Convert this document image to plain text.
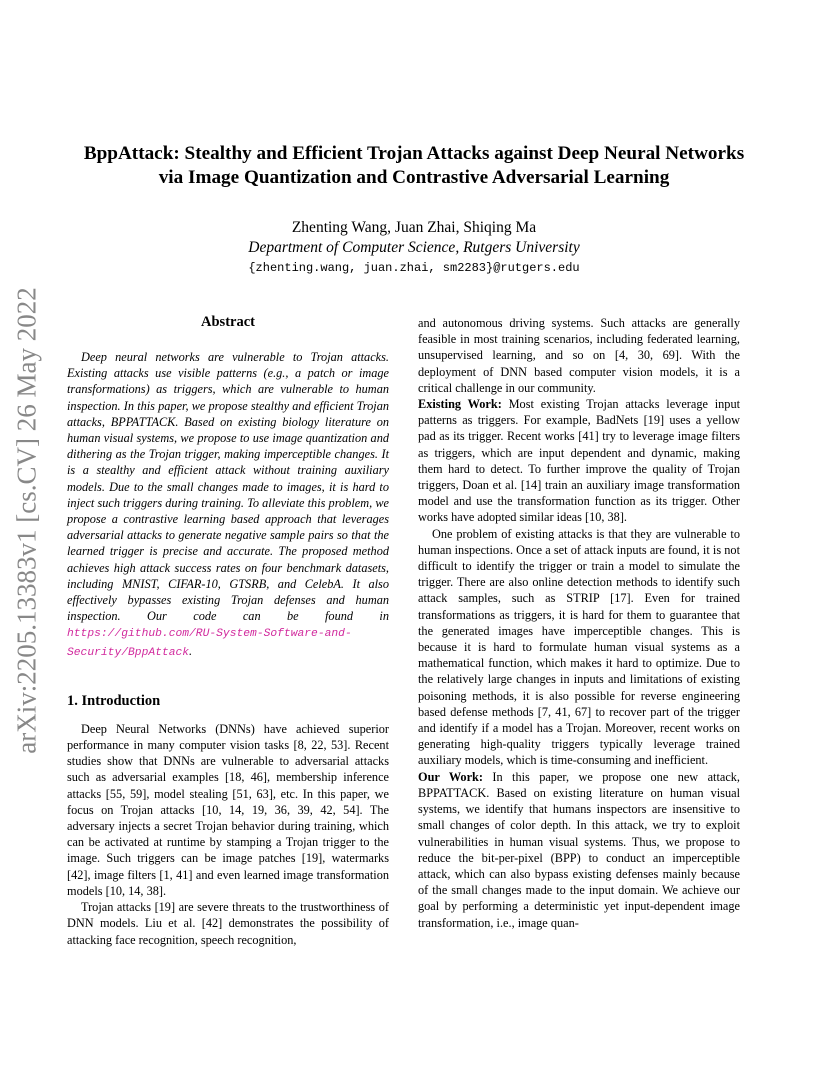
arXiv:2205.13383v1 [cs.CV] 26 May 2022
BppAttack: Stealthy and Efficient Trojan Attacks against Deep Neural Networks
via Image Quantization and Contrastive Adversarial Learning
Zhenting Wang, Juan Zhai, Shiqing Ma
Department of Computer Science, Rutgers University
{zhenting.wang, juan.zhai, sm2283}@rutgers.edu
Abstract

Deep neural networks are vulnerable to Trojan attacks. Existing attacks use visible patterns (e.g., a patch or image transformations) as triggers, which are vulnerable to human inspection. In this paper, we propose stealthy and efficient Trojan attacks, BPPATTACK. Based on existing biology literature on human visual systems, we propose to use image quantization and dithering as the Trojan trigger, making imperceptible changes. It is a stealthy and efficient attack without training auxiliary models. Due to the small changes made to images, it is hard to inject such triggers during training. To alleviate this problem, we propose a contrastive learning based approach that leverages adversarial attacks to generate negative sample pairs so that the learned trigger is precise and accurate. The proposed method achieves high attack success rates on four benchmark datasets, including MNIST, CIFAR-10, GTSRB, and CelebA. It also effectively bypasses existing Trojan defenses and human inspection. Our code can be found in https://github.com/RU-System-Software-and-Security/BppAttack.

1. Introduction

Deep Neural Networks (DNNs) have achieved superior performance in many computer vision tasks [8, 22, 53]. Recent studies show that DNNs are vulnerable to adversarial attacks such as adversarial examples [18, 46], membership inference attacks [55, 59], model stealing [51, 63], etc. In this paper, we focus on Trojan attacks [10, 14, 19, 36, 39, 42, 54]. The adversary injects a secret Trojan behavior during training, which can be activated at runtime by stamping a Trojan trigger to the image. Such triggers can be image patches [19], watermarks [42], image filters [1, 41] and even learned image transformation models [10, 14, 38].

Trojan attacks [19] are severe threats to the trustworthiness of DNN models. Liu et al. [42] demonstrates the possibility of attacking face recognition, speech recognition,

and autonomous driving systems. Such attacks are generally feasible in most training scenarios, including federated learning, unsupervised learning, and so on [4, 30, 69]. With the deployment of DNN based computer vision models, it is a critical challenge in our community.

Existing Work: Most existing Trojan attacks leverage input patterns as triggers. For example, BadNets [19] uses a yellow pad as its trigger. Recent works [41] try to leverage image filters as triggers, which are input dependent and dynamic, making them hard to detect. To further improve the quality of Trojan triggers, Doan et al. [14] train an auxiliary image transformation model and use the transformation function as its trigger. Other works have adopted similar ideas [10, 38].

One problem of existing attacks is that they are vulnerable to human inspections. Once a set of attack inputs are found, it is not difficult to identify the trigger or train a model to simulate the trigger. There are also online detection methods to identify such attack samples, such as STRIP [17]. Even for trained transformations as triggers, it is hard for them to guarantee that the generated images have imperceptible changes. This is because it is hard to formulate human visual systems as a mathematical function, which makes it hard to optimize. Due to the relatively large changes in inputs and limitations of existing poisoning methods, it is also possible for reverse engineering based defense methods [7, 41, 67] to recover part of the trigger and identify if a model has a Trojan. Moreover, recent works on generating high-quality triggers typically leverage trained auxiliary models, which is time-consuming and inefficient.

Our Work: In this paper, we propose one new attack, BPPATTACK. Based on existing literature on human visual systems, we identify that humans inspectors are insensitive to small changes of color depth. In this attack, we try to exploit vulnerabilities in human visual systems. Thus, we propose to reduce the bit-per-pixel (BPP) to conduct an imperceptible attack, which can also bypass existing defenses mainly because of the small changes made to the input domain. We achieve our goal by performing a deterministic yet input-dependent image transformation, i.e., image quan-
